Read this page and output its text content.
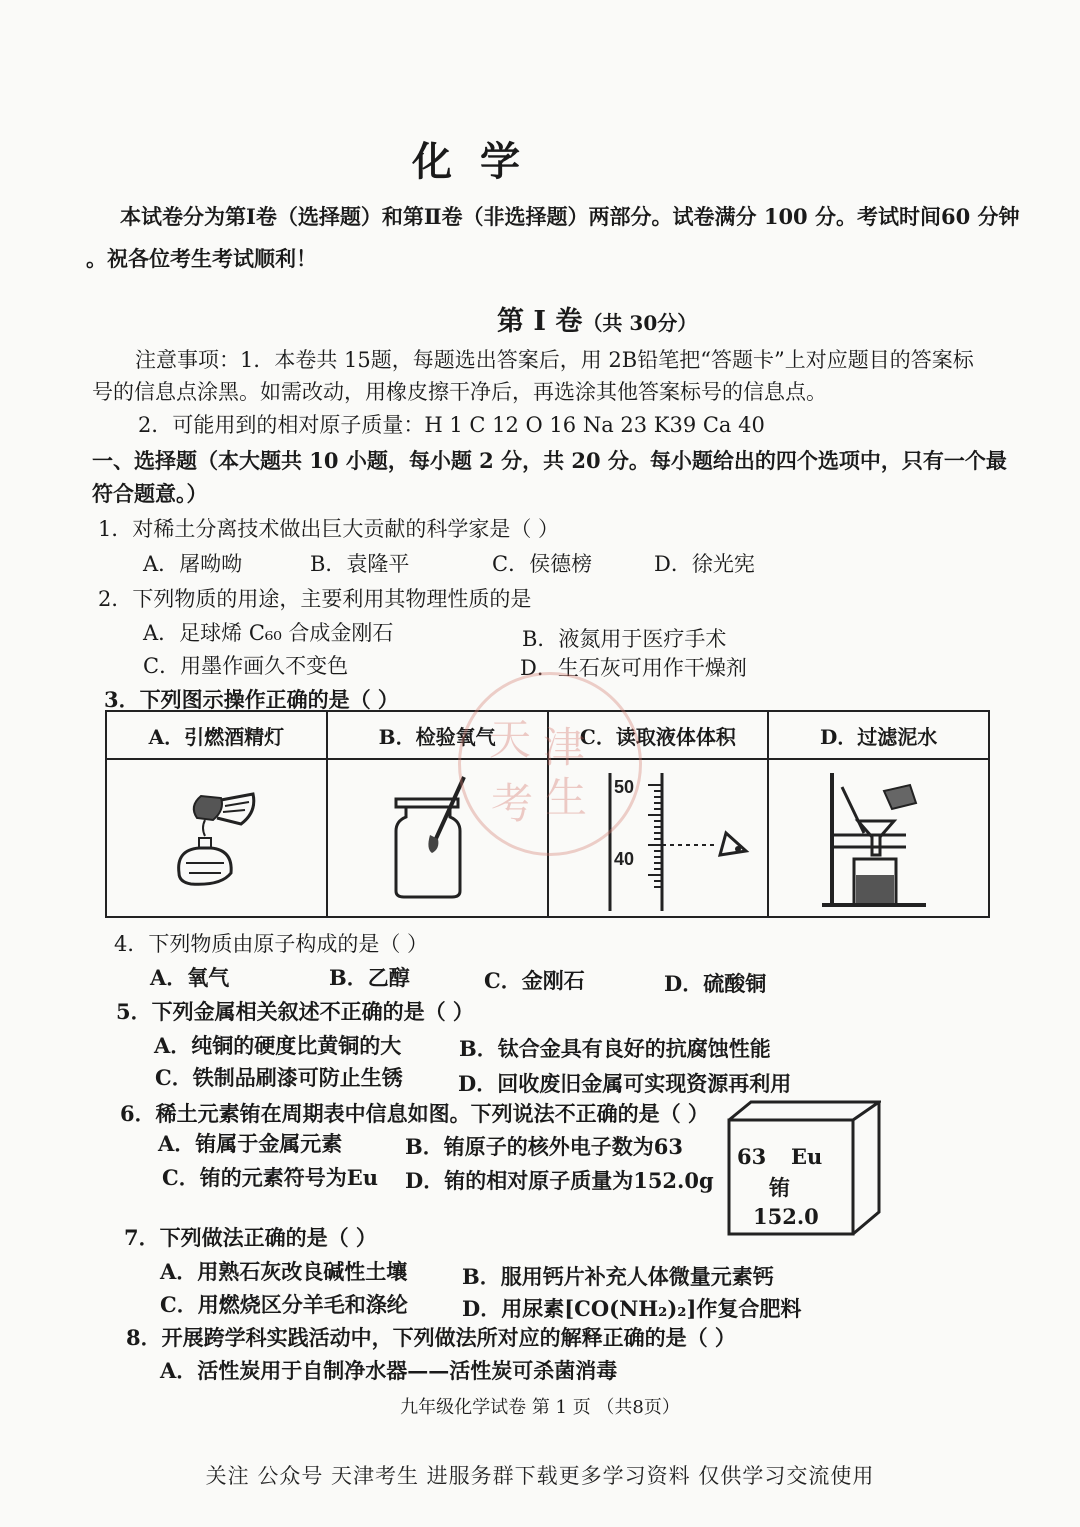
化学
本试卷分为第Ⅰ卷（选择题）和第Ⅱ卷（非选择题）两部分。试卷满分 100 分。考试时间60 分钟
。祝各位考生考试顺利！
第 Ⅰ 卷（共 30分）
注意事项：1．本卷共 15题，每题选出答案后，用 2B铅笔把“答题卡”上对应题目的答案标
号的信息点涂黑。如需改动，用橡皮擦干净后，再选涂其他答案标号的信息点。
2．可能用到的相对原子质量：H 1 C 12 O 16 Na 23 K39 Ca 40
一、选择题（本大题共 10 小题，每小题 2 分，共 20 分。每小题给出的四个选项中，只有一个最
符合题意。）
1．对稀土分离技术做出巨大贡献的科学家是（ ）
A．屠呦呦	B．袁隆平	C．侯德榜	D．徐光宪
2．下列物质的用途，主要利用其物理性质的是
A．足球烯 C₆₀ 合成金刚石	B．液氮用于医疗手术
C．用墨作画久不变色	D．生石灰可用作干燥剂
3．下列图示操作正确的是（ ）
A．引燃酒精灯	B．检验氧气	C．读取液体体积	D．过滤泥水

50
40

天 津
考 生
4．下列物质由原子构成的是（ ）
A．氧气	B．乙醇	C．金刚石	D．硫酸铜
5．下列金属相关叙述不正确的是（ ）
A．纯铜的硬度比黄铜的大	B．钛合金具有良好的抗腐蚀性能
C．铁制品刷漆可防止生锈	D．回收废旧金属可实现资源再利用
6．稀土元素铕在周期表中信息如图。下列说法不正确的是（ ）
A．铕属于金属元素	B．铕原子的核外电子数为63
C．铕的元素符号为Eu D．铕的相对原子质量为152.0g
63 Eu
铕
152.0
7．下列做法正确的是（ ）
A．用熟石灰改良碱性土壤	B．服用钙片补充人体微量元素钙
C．用燃烧区分羊毛和涤纶	D．用尿素[CO(NH₂)₂]作复合肥料
8．开展跨学科实践活动中，下列做法所对应的解释正确的是（ ）
A．活性炭用于自制净水器——活性炭可杀菌消毒
九年级化学试卷 第 1 页 （共8页）
关注 公众号 天津考生 进服务群下载更多学习资料 仅供学习交流使用
